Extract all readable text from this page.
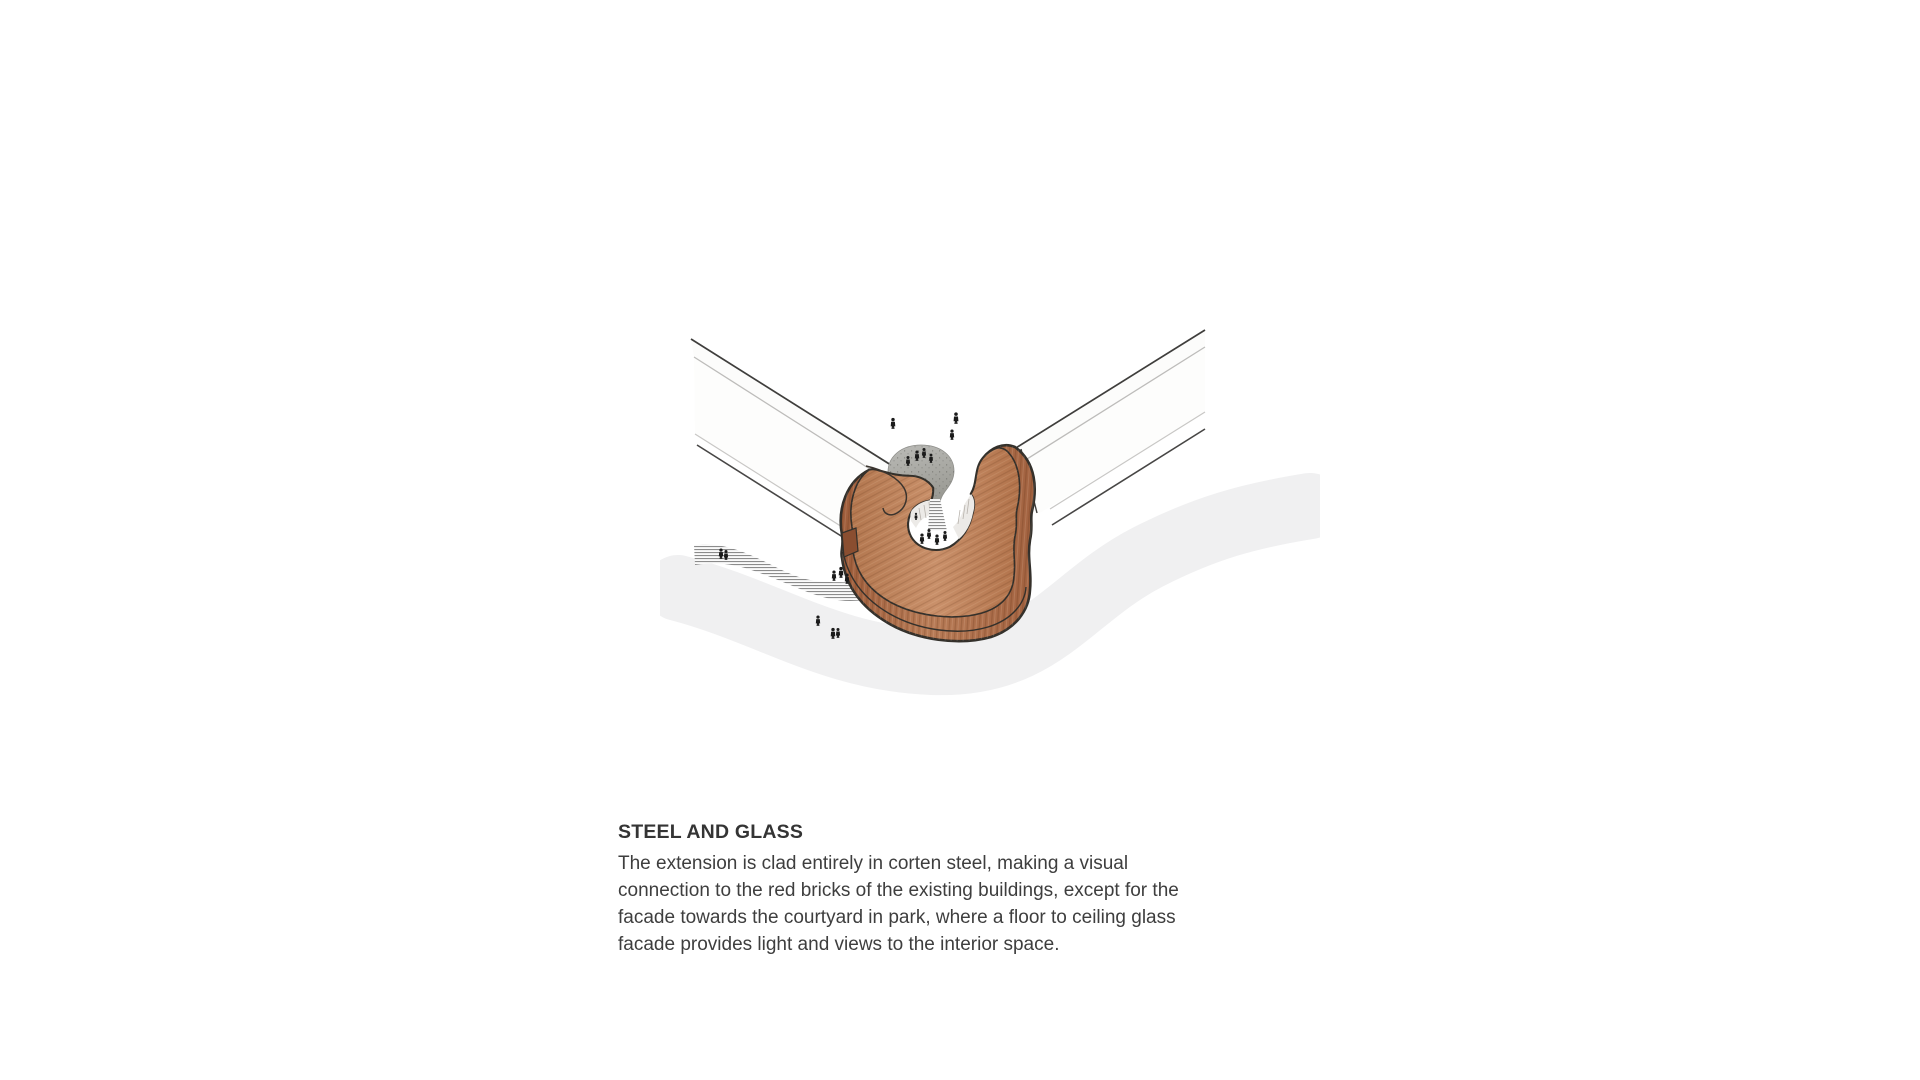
STEEL AND GLASS
The extension is clad entirely in corten steel, making a visual
connection to the red bricks of the existing buildings, except for the
facade towards the courtyard in park, where a floor to ceiling glass
facade provides light and views to the interior space.
